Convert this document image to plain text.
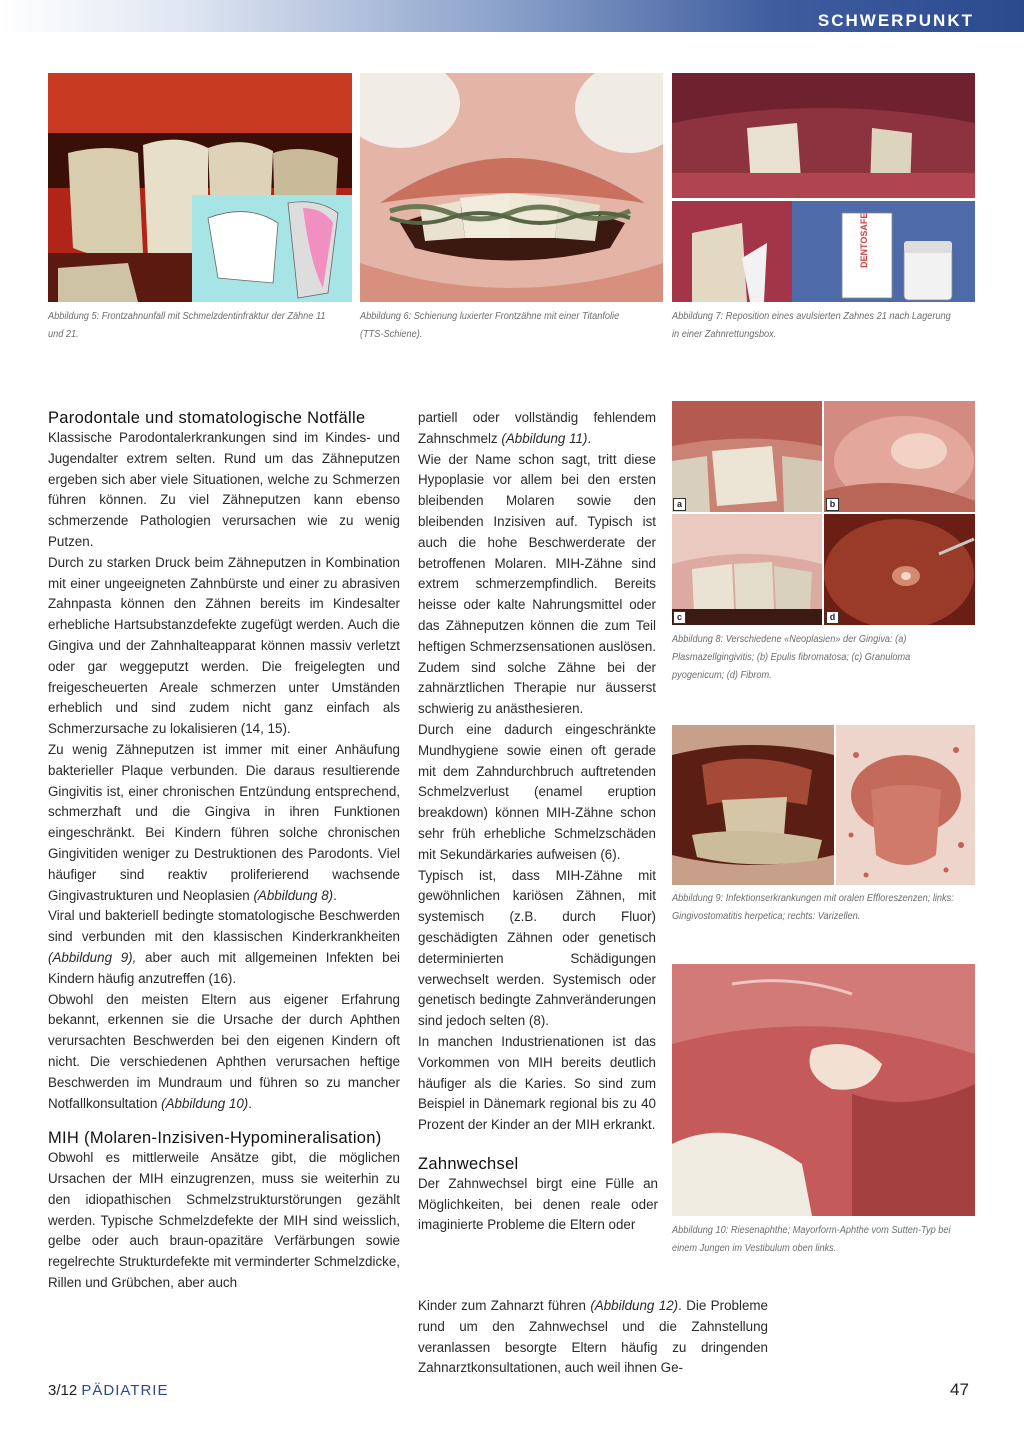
SCHWERPUNKT
Abbildung 5: Frontzahnunfall mit Schmelzdentinfraktur der Zähne 11 und 21.
Abbildung 6: Schienung luxierter Frontzähne mit einer Titanfolie (TTS-Schiene).
DENTOSAFE
Abbildung 7: Reposition eines avulsierten Zahnes 21 nach Lagerung in einer Zahnrettungsbox.
a	b
c	d
Abbildung 8: Verschiedene «Neoplasien» der Gingiva: (a) Plasmazellgingivitis; (b) Epulis fibromatosa; (c) Granuloma pyogenicum; (d) Fibrom.
Abbildung 9: Infektionserkrankungen mit oralen Effloreszenzen; links: Gingivostomatitis herpetica; rechts: Varizellen.
Abbildung 10: Riesenaphthe; Mayorform-Aphthe vom Sutten-Typ bei einem Jungen im Vestibulum oben links.
Parodontale und stomatologische Notfälle

Klassische Parodontalerkrankungen sind im Kindes- und Jugendalter extrem selten. Rund um das Zähneputzen ergeben sich aber viele Situationen, welche zu Schmerzen führen können. Zu viel Zähneputzen kann ebenso schmerzende Pathologien verursachen wie zu wenig Putzen.

Durch zu starken Druck beim Zähneputzen in Kombination mit einer ungeeigneten Zahnbürste und einer zu abrasiven Zahnpasta können den Zähnen bereits im Kindesalter erhebliche Hartsubstanzdefekte zugefügt werden. Auch die Gingiva und der Zahnhalteapparat können massiv verletzt oder gar weggeputzt werden. Die freigelegten und freigescheuerten Areale schmerzen unter Umständen erheblich und sind zudem nicht ganz einfach als Schmerzursache zu lokalisieren (14, 15).

Zu wenig Zähneputzen ist immer mit einer Anhäufung bakterieller Plaque verbunden. Die daraus resultierende Gingivitis ist, einer chronischen Entzündung entsprechend, schmerzhaft und die Gingiva in ihren Funktionen eingeschränkt. Bei Kindern führen solche chronischen Gingivitiden weniger zu Destruktionen des Parodonts. Viel häufiger sind reaktiv proliferierend wachsende Gingivastrukturen und Neoplasien (Abbildung 8).

Viral und bakteriell bedingte stomatologische Beschwerden sind verbunden mit den klassischen Kinderkrankheiten (Abbildung 9), aber auch mit allgemeinen Infekten bei Kindern häufig anzutreffen (16).

Obwohl den meisten Eltern aus eigener Erfahrung bekannt, erkennen sie die Ursache der durch Aphthen verursachten Beschwerden bei den eigenen Kindern oft nicht. Die verschiedenen Aphthen verursachen heftige Beschwerden im Mundraum und führen so zu mancher Notfallkonsultation (Abbildung 10).

MIH (Molaren-Inzisiven-Hypomineralisation)

Obwohl es mittlerweile Ansätze gibt, die möglichen Ursachen der MIH einzugrenzen, muss sie weiterhin zu den idiopathischen Schmelzstrukturstörungen gezählt werden. Typische Schmelzdefekte der MIH sind weisslich, gelbe oder auch braun-opazitäre Verfärbungen sowie regelrechte Strukturdefekte mit verminderter Schmelzdicke, Rillen und Grübchen, aber auch

partiell oder vollständig fehlendem Zahnschmelz (Abbildung 11).

Wie der Name schon sagt, tritt diese Hypoplasie vor allem bei den ersten bleibenden Molaren sowie den bleibenden Inzisiven auf. Typisch ist auch die hohe Beschwerderate der betroffenen Molaren. MIH-Zähne sind extrem schmerzempfindlich. Bereits heisse oder kalte Nahrungsmittel oder das Zähneputzen können die zum Teil heftigen Schmerzsensationen auslösen. Zudem sind solche Zähne bei der zahnärztlichen Therapie nur äusserst schwierig zu anästhesieren.

Durch eine dadurch eingeschränkte Mundhygiene sowie einen oft gerade mit dem Zahndurchbruch auftretenden Schmelzverlust (enamel eruption breakdown) können MIH-Zähne schon sehr früh erhebliche Schmelzschäden mit Sekundärkaries aufweisen (6).

Typisch ist, dass MIH-Zähne mit gewöhnlichen kariösen Zähnen, mit systemisch (z.B. durch Fluor) geschädigten Zähnen oder genetisch determinierten Schädigungen verwechselt werden. Systemisch oder genetisch bedingte Zahnveränderungen sind jedoch selten (8).

In manchen Industrienationen ist das Vorkommen von MIH bereits deutlich häufiger als die Karies. So sind zum Beispiel in Dänemark regional bis zu 40 Prozent der Kinder an der MIH erkrankt.

Zahnwechsel

Der Zahnwechsel birgt eine Fülle an Möglichkeiten, bei denen reale oder imaginierte Probleme die Eltern oder

Kinder zum Zahnarzt führen (Abbildung 12). Die Probleme rund um den Zahnwechsel und die Zahnstellung veranlassen besorgte Eltern häufig zu dringenden Zahnarztkonsultationen, auch weil ihnen Ge-

3/12 PÄDIATRIE	47
